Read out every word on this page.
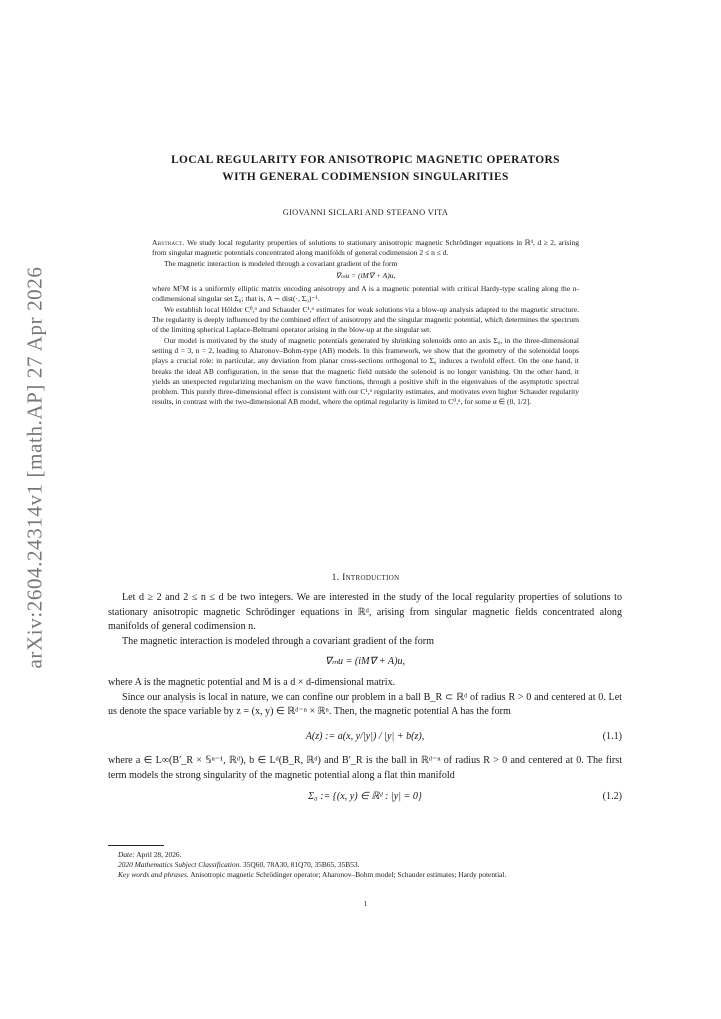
arXiv:2604.24314v1 [math.AP] 27 Apr 2026
LOCAL REGULARITY FOR ANISOTROPIC MAGNETIC OPERATORS
WITH GENERAL CODIMENSION SINGULARITIES
GIOVANNI SICLARI AND STEFANO VITA

Abstract. We study local regularity properties of solutions to stationary anisotropic magnetic Schrödinger equations in ℝᵈ, d ≥ 2, arising from singular magnetic potentials concentrated along manifolds of general codimension 2 ≤ n ≤ d.

The magnetic interaction is modeled through a covariant gradient of the form

∇ₘu = (iM∇ + A)u,

where MᵀM is a uniformly elliptic matrix encoding anisotropy and A is a magnetic potential with critical Hardy-type scaling along the n-codimensional singular set Σ₀; that is, A ∼ dist(·, Σ₀)⁻¹.

We establish local Hölder C⁰,ᵅ and Schauder C¹,ᵅ estimates for weak solutions via a blow-up analysis adapted to the magnetic structure. The regularity is deeply influenced by the combined effect of anisotropy and the singular magnetic potential, which determines the spectrum of the limiting spherical Laplace-Beltrami operator arising in the blow-up at the singular set.

Our model is motivated by the study of magnetic potentials generated by shrinking solenoids onto an axis Σ₀, in the three-dimensional setting d = 3, n = 2, leading to Aharonov–Bohm-type (AB) models. In this framework, we show that the geometry of the solenoidal loops plays a crucial role: in particular, any deviation from planar cross-sections orthogonal to Σ₀ induces a twofold effect. On the one hand, it breaks the ideal AB configuration, in the sense that the magnetic field outside the solenoid is no longer vanishing. On the other hand, it yields an unexpected regularizing mechanism on the wave functions, through a positive shift in the eigenvalues of the asymptotic spectral problem. This purely three-dimensional effect is consistent with our C¹,ᵅ regularity estimates, and motivates even higher Schauder regularity results, in contrast with the two-dimensional AB model, where the optimal regularity is limited to C⁰,ᵅ, for some α ∈ (0, 1/2].

1. Introduction

Let d ≥ 2 and 2 ≤ n ≤ d be two integers. We are interested in the study of the local regularity properties of solutions to stationary anisotropic magnetic Schrödinger equations in ℝᵈ, arising from singular magnetic fields concentrated along manifolds of general codimension n.

The magnetic interaction is modeled through a covariant gradient of the form

∇ₘu = (iM∇ + A)u,

where A is the magnetic potential and M is a d × d-dimensional matrix.

Since our analysis is local in nature, we can confine our problem in a ball B_R ⊂ ℝᵈ of radius R > 0 and centered at 0. Let us denote the space variable by z = (x, y) ∈ ℝᵈ⁻ⁿ × ℝⁿ. Then, the magnetic potential A has the form

A(z) := a(x, y/|y|) / |y| + b(z),	(1.1)

where a ∈ L∞(B′_R × 𝕊ⁿ⁻¹, ℝᵈ), b ∈ Lᵈ(B_R, ℝᵈ) and B′_R is the ball in ℝᵈ⁻ⁿ of radius R > 0 and centered at 0. The first term models the strong singularity of the magnetic potential along a flat thin manifold

Σ₀ := {(x, y) ∈ ℝᵈ : |y| = 0}	(1.2)

Date: April 28, 2026.

2020 Mathematics Subject Classification. 35Q60, 78A30, 81Q70, 35B65, 35B53.

Key words and phrases. Anisotropic magnetic Schrödinger operator; Aharonov–Bohm model; Schauder estimates; Hardy potential.

1
